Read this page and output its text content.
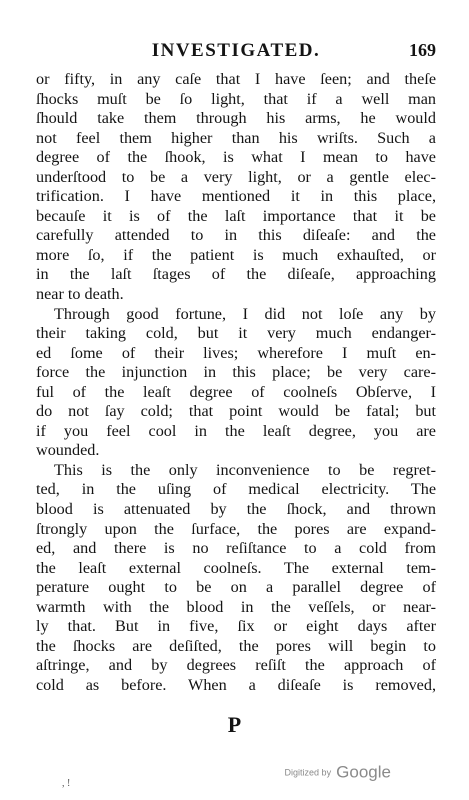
INVESTIGATED.	169
or fifty, in any caſe that I have ſeen; and theſe
ſhocks muſt be ſo light, that if a well man
ſhould take them through his arms, he would
not feel them higher than his wriſts. Such a
degree of the ſhook, is what I mean to have
underſtood to be a very light, or a gentle elec-
trification. I have mentioned it in this place,
becauſe it is of the laſt importance that it be
carefully attended to in this diſeaſe: and the
more ſo, if the patient is much exhauſted, or
in the laſt ſtages of the diſeaſe, approaching
near to death.
Through good fortune, I did not loſe any by
their taking cold, but it very much endanger-
ed ſome of their lives; wherefore I muſt en-
force the injunction in this place; be very care-
ful of the leaſt degree of coolneſs Obſerve, I
do not ſay cold; that point would be fatal; but
if you feel cool in the leaſt degree, you are
wounded.
This is the only inconvenience to be regret-
ted, in the uſing of medical electricity. The
blood is attenuated by the ſhock, and thrown
ſtrongly upon the ſurface, the pores are expand-
ed, and there is no reſiſtance to a cold from
the leaſt external coolneſs. The external tem-
perature ought to be on a parallel degree of
warmth with the blood in the veſſels, or near-
ly that. But in five, ſix or eight days after
the ſhocks are deſiſted, the pores will begin to
aſtringe, and by degrees reſiſt the approach of
cold as before. When a diſeaſe is removed,
P
Digitized by Google
, !
